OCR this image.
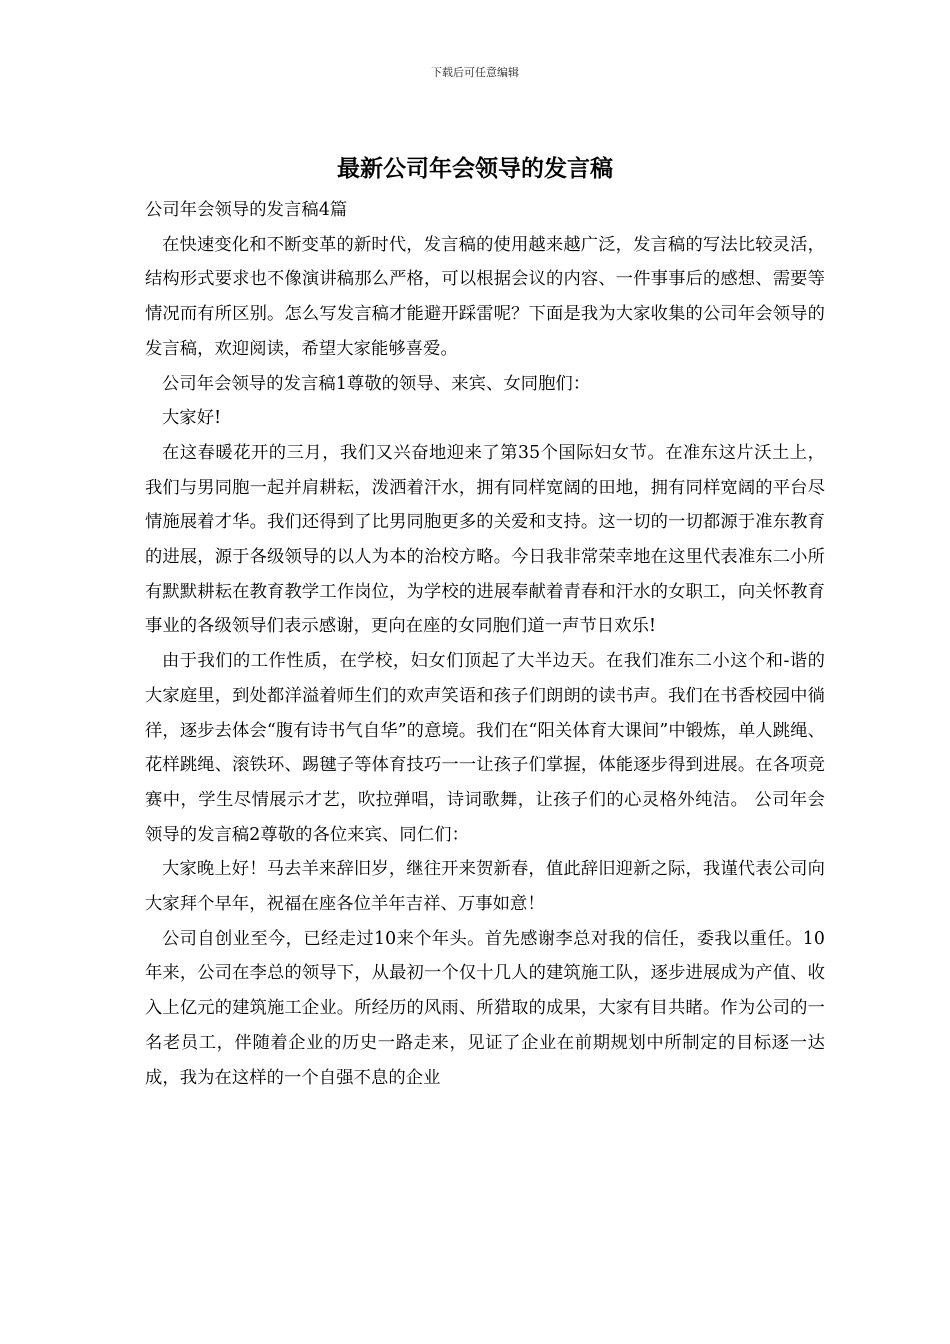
下载后可任意编辑
最新公司年会领导的发言稿

公司年会领导的发言稿4篇

在快速变化和不断变革的新时代，发言稿的使用越来越广泛，发言稿的写法比较灵活，结构形式要求也不像演讲稿那么严格，可以根据会议的内容、一件事事后的感想、需要等情况而有所区别。怎么写发言稿才能避开踩雷呢？下面是我为大家收集的公司年会领导的发言稿，欢迎阅读，希望大家能够喜爱。

公司年会领导的发言稿1尊敬的领导、来宾、女同胞们：

大家好!

在这春暖花开的三月，我们又兴奋地迎来了第35个国际妇女节。在准东这片沃土上，我们与男同胞一起并肩耕耘，泼洒着汗水，拥有同样宽阔的田地，拥有同样宽阔的平台尽情施展着才华。我们还得到了比男同胞更多的关爱和支持。这一切的一切都源于准东教育的进展，源于各级领导的以人为本的治校方略。今日我非常荣幸地在这里代表准东二小所有默默耕耘在教育教学工作岗位，为学校的进展奉献着青春和汗水的女职工，向关怀教育事业的各级领导们表示感谢，更向在座的女同胞们道一声节日欢乐!

由于我们的工作性质，在学校，妇女们顶起了大半边天。在我们准东二小这个和-谐的大家庭里，到处都洋溢着师生们的欢声笑语和孩子们朗朗的读书声。我们在书香校园中徜徉，逐步去体会“腹有诗书气自华”的意境。我们在“阳关体育大课间”中锻炼，单人跳绳、花样跳绳、滚铁环、踢毽子等体育技巧一一让孩子们掌握，体能逐步得到进展。在各项竞赛中，学生尽情展示才艺，吹拉弹唱，诗词歌舞，让孩子们的心灵格外纯洁。 公司年会领导的发言稿2尊敬的各位来宾、同仁们：

大家晚上好！马去羊来辞旧岁，继往开来贺新春，值此辞旧迎新之际，我谨代表公司向大家拜个早年，祝福在座各位羊年吉祥、万事如意！

公司自创业至今，已经走过10来个年头。首先感谢李总对我的信任，委我以重任。10年来，公司在李总的领导下，从最初一个仅十几人的建筑施工队，逐步进展成为产值、收入上亿元的建筑施工企业。所经历的风雨、所猎取的成果，大家有目共睹。作为公司的一名老员工，伴随着企业的历史一路走来，见证了企业在前期规划中所制定的目标逐一达成，我为在这样的一个自强不息的企业
